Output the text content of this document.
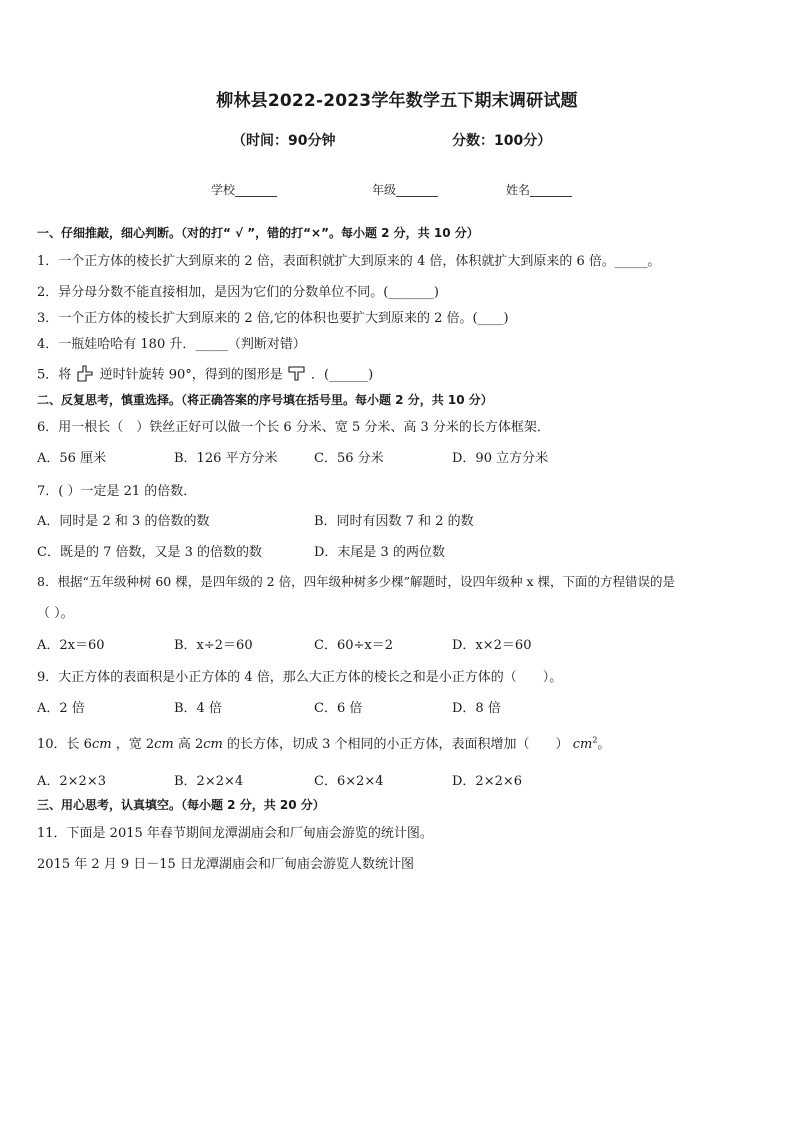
柳林县2022-2023学年数学五下期末调研试题
（时间：90分钟	分数：100分）
学校_______	年级_______	姓名_______
一、仔细推敲，细心判断。（对的打“ √ ”，错的打“×”。每小题 2 分，共 10 分）
1．一个正方体的棱长扩大到原来的 2 倍，表面积就扩大到原来的 4 倍，体积就扩大到原来的 6 倍。_____。
2．异分母分数不能直接相加，是因为它们的分数单位不同。(_______)
3．一个正方体的棱长扩大到原来的 2 倍,它的体积也要扩大到原来的 2 倍。(____)
4．一瓶娃哈哈有 180 升．_____（判断对错）
5．将 逆时针旋转 90°，得到的图形是 ．(______)
二、反复思考，慎重选择。（将正确答案的序号填在括号里。每小题 2 分，共 10 分）
6．用一根长（　）铁丝正好可以做一个长 6 分米、宽 5 分米、高 3 分米的长方体框架．
A．56 厘米	B．126 平方分米	C．56 分米	D．90 立方分米
7．( ）一定是 21 的倍数．
A．同时是 2 和 3 的倍数的数	B．同时有因数 7 和 2 的数
C．既是的 7 倍数，又是 3 的倍数的数	D．末尾是 3 的两位数
8．根据“五年级种树 60 棵，是四年级的 2 倍，四年级种树多少棵”解题时，设四年级种 x 棵，下面的方程错误的是
（ ）。
A．2x＝60	B．x÷2＝60	C．60÷x＝2	D．x×2＝60
9．大正方体的表面积是小正方体的 4 倍，那么大正方体的棱长之和是小正方体的（　　）。
A．2 倍	B．4 倍	C．6 倍	D．8 倍
10．长 6cm ，宽 2cm 高 2cm 的长方体，切成 3 个相同的小正方体，表面积增加（　　） $cm^2$。
A．2×2×3	B．2×2×4	C．6×2×4	D．2×2×6
三、用心思考，认真填空。（每小题 2 分，共 20 分）
11．下面是 2015 年春节期间龙潭湖庙会和厂甸庙会游览的统计图。
2015 年 2 月 9 日－15 日龙潭湖庙会和厂甸庙会游览人数统计图
